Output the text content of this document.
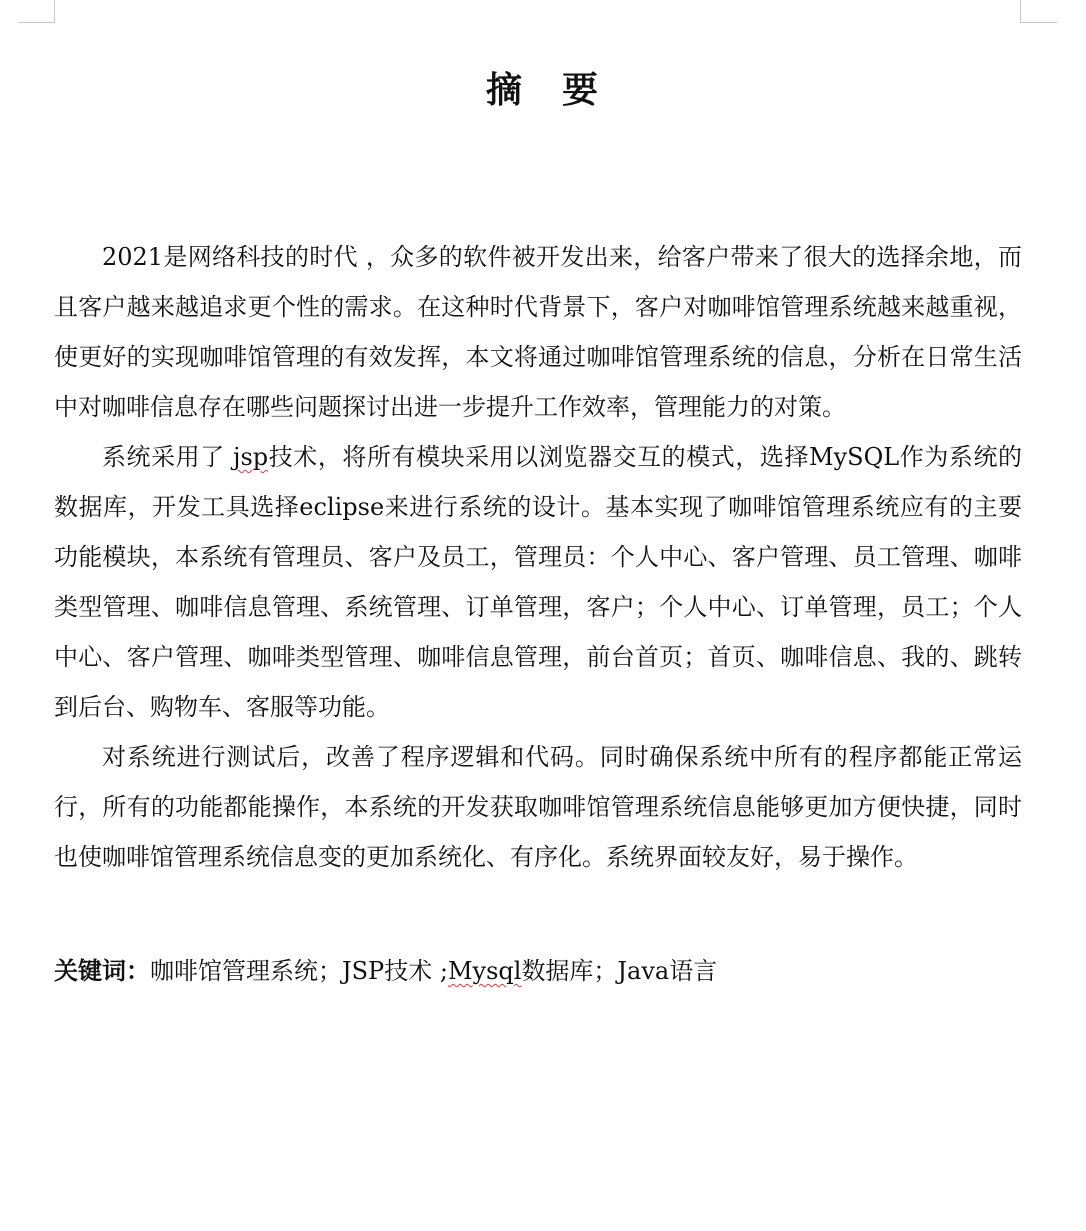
摘 要

2021是网络科技的时代 ，众多的软件被开发出来，给客户带来了很大的选择余地，而且客户越来越追求更个性的需求。在这种时代背景下，客户对咖啡馆管理系统越来越重视，使更好的实现咖啡馆管理的有效发挥，本文将通过咖啡馆管理系统的信息，分析在日常生活中对咖啡信息存在哪些问题探讨出进一步提升工作效率，管理能力的对策。

系统采用了 jsp技术，将所有模块采用以浏览器交互的模式，选择MySQL作为系统的数据库，开发工具选择eclipse来进行系统的设计。基本实现了咖啡馆管理系统应有的主要功能模块，本系统有管理员、客户及员工，管理员：个人中心、客户管理、员工管理、咖啡类型管理、咖啡信息管理、系统管理、订单管理，客户；个人中心、订单管理，员工；个人中心、客户管理、咖啡类型管理、咖啡信息管理，前台首页；首页、咖啡信息、我的、跳转到后台、购物车、客服等功能。

对系统进行测试后，改善了程序逻辑和代码。同时确保系统中所有的程序都能正常运行，所有的功能都能操作，本系统的开发获取咖啡馆管理系统信息能够更加方便快捷，同时也使咖啡馆管理系统信息变的更加系统化、有序化。系统界面较友好，易于操作。

关键词：咖啡馆管理系统；JSP技术 ;Mysql数据库；Java语言
